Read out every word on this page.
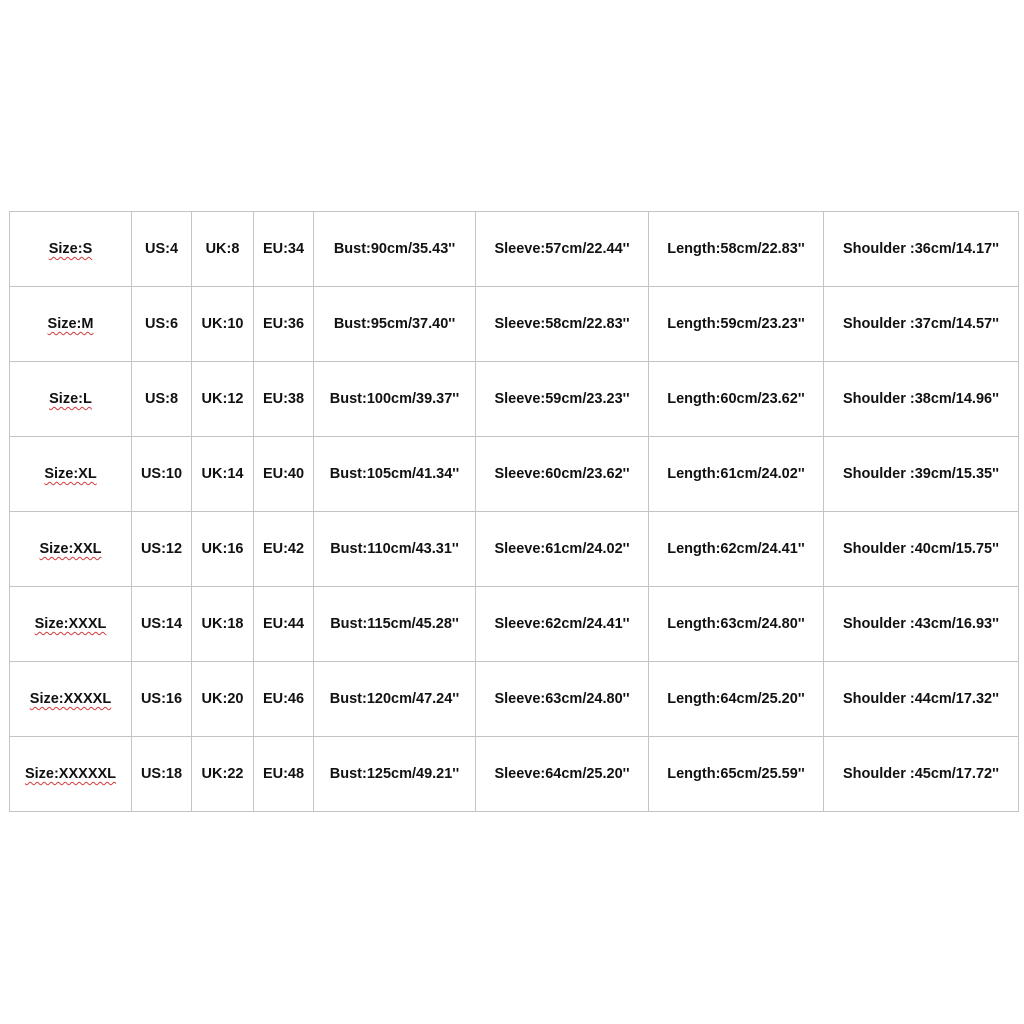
Size:S	US:4	UK:8	EU:34	Bust:90cm/35.43''	Sleeve:57cm/22.44''	Length:58cm/22.83''	Shoulder :36cm/14.17''
Size:M	US:6	UK:10	EU:36	Bust:95cm/37.40''	Sleeve:58cm/22.83''	Length:59cm/23.23''	Shoulder :37cm/14.57''
Size:L	US:8	UK:12	EU:38	Bust:100cm/39.37''	Sleeve:59cm/23.23''	Length:60cm/23.62''	Shoulder :38cm/14.96''
Size:XL	US:10	UK:14	EU:40	Bust:105cm/41.34''	Sleeve:60cm/23.62''	Length:61cm/24.02''	Shoulder :39cm/15.35''
Size:XXL	US:12	UK:16	EU:42	Bust:110cm/43.31''	Sleeve:61cm/24.02''	Length:62cm/24.41''	Shoulder :40cm/15.75''
Size:XXXL	US:14	UK:18	EU:44	Bust:115cm/45.28''	Sleeve:62cm/24.41''	Length:63cm/24.80''	Shoulder :43cm/16.93''
Size:XXXXL	US:16	UK:20	EU:46	Bust:120cm/47.24''	Sleeve:63cm/24.80''	Length:64cm/25.20''	Shoulder :44cm/17.32''
Size:XXXXXL	US:18	UK:22	EU:48	Bust:125cm/49.21''	Sleeve:64cm/25.20''	Length:65cm/25.59''	Shoulder :45cm/17.72''
